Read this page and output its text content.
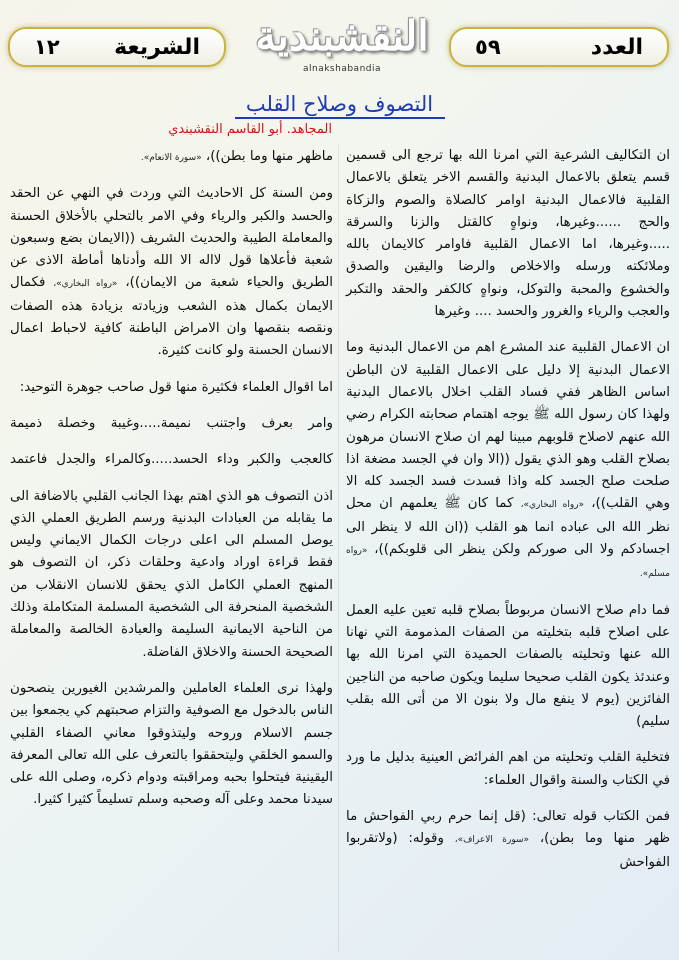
العدد
٥٩
النقشبندية
alnakshabandia
الشريعة
١٢
التصوف وصلاح القلب
المجاهد. أبو القاسم النقشبندي

ان التكاليف الشرعية التي امرنا الله بها ترجع الى قسمين قسم يتعلق بالاعمال البدنية والقسم الاخر يتعلق بالاعمال القلبية فالاعمال البدنية اوامر كالصلاة والصوم والزكاة والحج ......وغيرها، ونواهٍ كالقتل والزنا والسرقة .....وغيرها، اما الاعمال القلبية فاوامر كالايمان بالله وملائكته ورسله والاخلاص والرضا واليقين والصدق والخشوع والمحبة والتوكل، ونواهٍ كالكفر والحقد والتكبر والعجب والرياء والغرور والحسد .... وغيرها

ان الاعمال القلبية عند المشرع اهم من الاعمال البدنية وما الاعمال البدنية إلا دليل على الاعمال القلبية لان الباطن اساس الظاهر ففي فساد القلب اخلال بالاعمال البدنية ولهذا كان رسول الله ﷺ يوجه اهتمام صحابته الكرام رضي الله عنهم لاصلاح قلوبهم مبينا لهم ان صلاح الانسان مرهون بصلاح القلب وهو الذي يقول ((الا وان في الجسد مضغة اذا صلحت صلح الجسد كله واذا فسدت فسد الجسد كله الا وهي القلب))، «رواه البخاري»، كما كان ﷺ يعلمهم ان محل نظر الله الى عباده انما هو القلب ((ان الله لا ينظر الى اجسادكم ولا الى صوركم ولكن ينظر الى قلوبكم))، «رواه مسلم».

فما دام صلاح الانسان مربوطاً بصلاح قلبه تعين عليه العمل على اصلاح قلبه بتخليته من الصفات المذمومة التي نهانا الله عنها وتحليته بالصفات الحميدة التي امرنا الله بها وعندئذ يكون القلب صحيحا سليما ويكون صاحبه من الناجين الفائزين (يوم لا ينفع مال ولا بنون الا من أتى الله بقلب سليم)

فتخلية القلب وتحليته من اهم الفرائض العينية بدليل ما ورد في الكتاب والسنة واقوال العلماء:

فمن الكتاب قوله تعالى: (قل إنما حرم ربي الفواحش ما ظهر منها وما بطن)، «سورة الاعراف»، وقوله: (ولاتقربوا الفواحش

ماظهر منها وما بطن))، «سورة الانعام».

ومن السنة كل الاحاديث التي وردت في النهي عن الحقد والحسد والكبر والرياء وفي الامر بالتحلي بالأخلاق الحسنة والمعاملة الطيبة والحديث الشريف ((الايمان بضع وسبعون شعبة فأعلاها قول لااله الا الله وأدناها أماطة الاذى عن الطريق والحياء شعبة من الايمان))، «رواه البخاري»، فكمال الايمان بكمال هذه الشعب وزيادته بزيادة هذه الصفات ونقصه بنقصها وان الامراض الباطنة كافية لاحباط اعمال الانسان الحسنة ولو كانت كثيرة.

اما اقوال العلماء فكثيرة منها قول صاحب جوهرة التوحيد:

وامر بعرف واجتنب نميمة.....وغيبة وخصلة ذميمة

كالعجب والكبر وداء الحسد.....وكالمراء والجدل فاعتمد

اذن التصوف هو الذي اهتم بهذا الجانب القلبي بالاضافة الى ما يقابله من العبادات البدنية ورسم الطريق العملي الذي يوصل المسلم الى اعلى درجات الكمال الايماني وليس فقط قراءة اوراد وادعية وحلقات ذكر، ان التصوف هو المنهج العملي الكامل الذي يحقق للانسان الانقلاب من الشخصية المنحرفة الى الشخصية المسلمة المتكاملة وذلك من الناحية الايمانية السليمة والعبادة الخالصة والمعاملة الصحيحة الحسنة والاخلاق الفاضلة.

ولهذا نرى العلماء العاملين والمرشدين الغيورين ينصحون الناس بالدخول مع الصوفية والتزام صحبتهم كي يجمعوا بين جسم الاسلام وروحه وليتذوقوا معاني الصفاء القلبي والسمو الخلقي وليتحققوا بالتعرف على الله تعالى المعرفة اليقينية فيتحلوا بحبه ومراقبته ودوام ذكره، وصلى الله على سيدنا محمد وعلى آله وصحبه وسلم تسليماً كثيرا كثيرا.
